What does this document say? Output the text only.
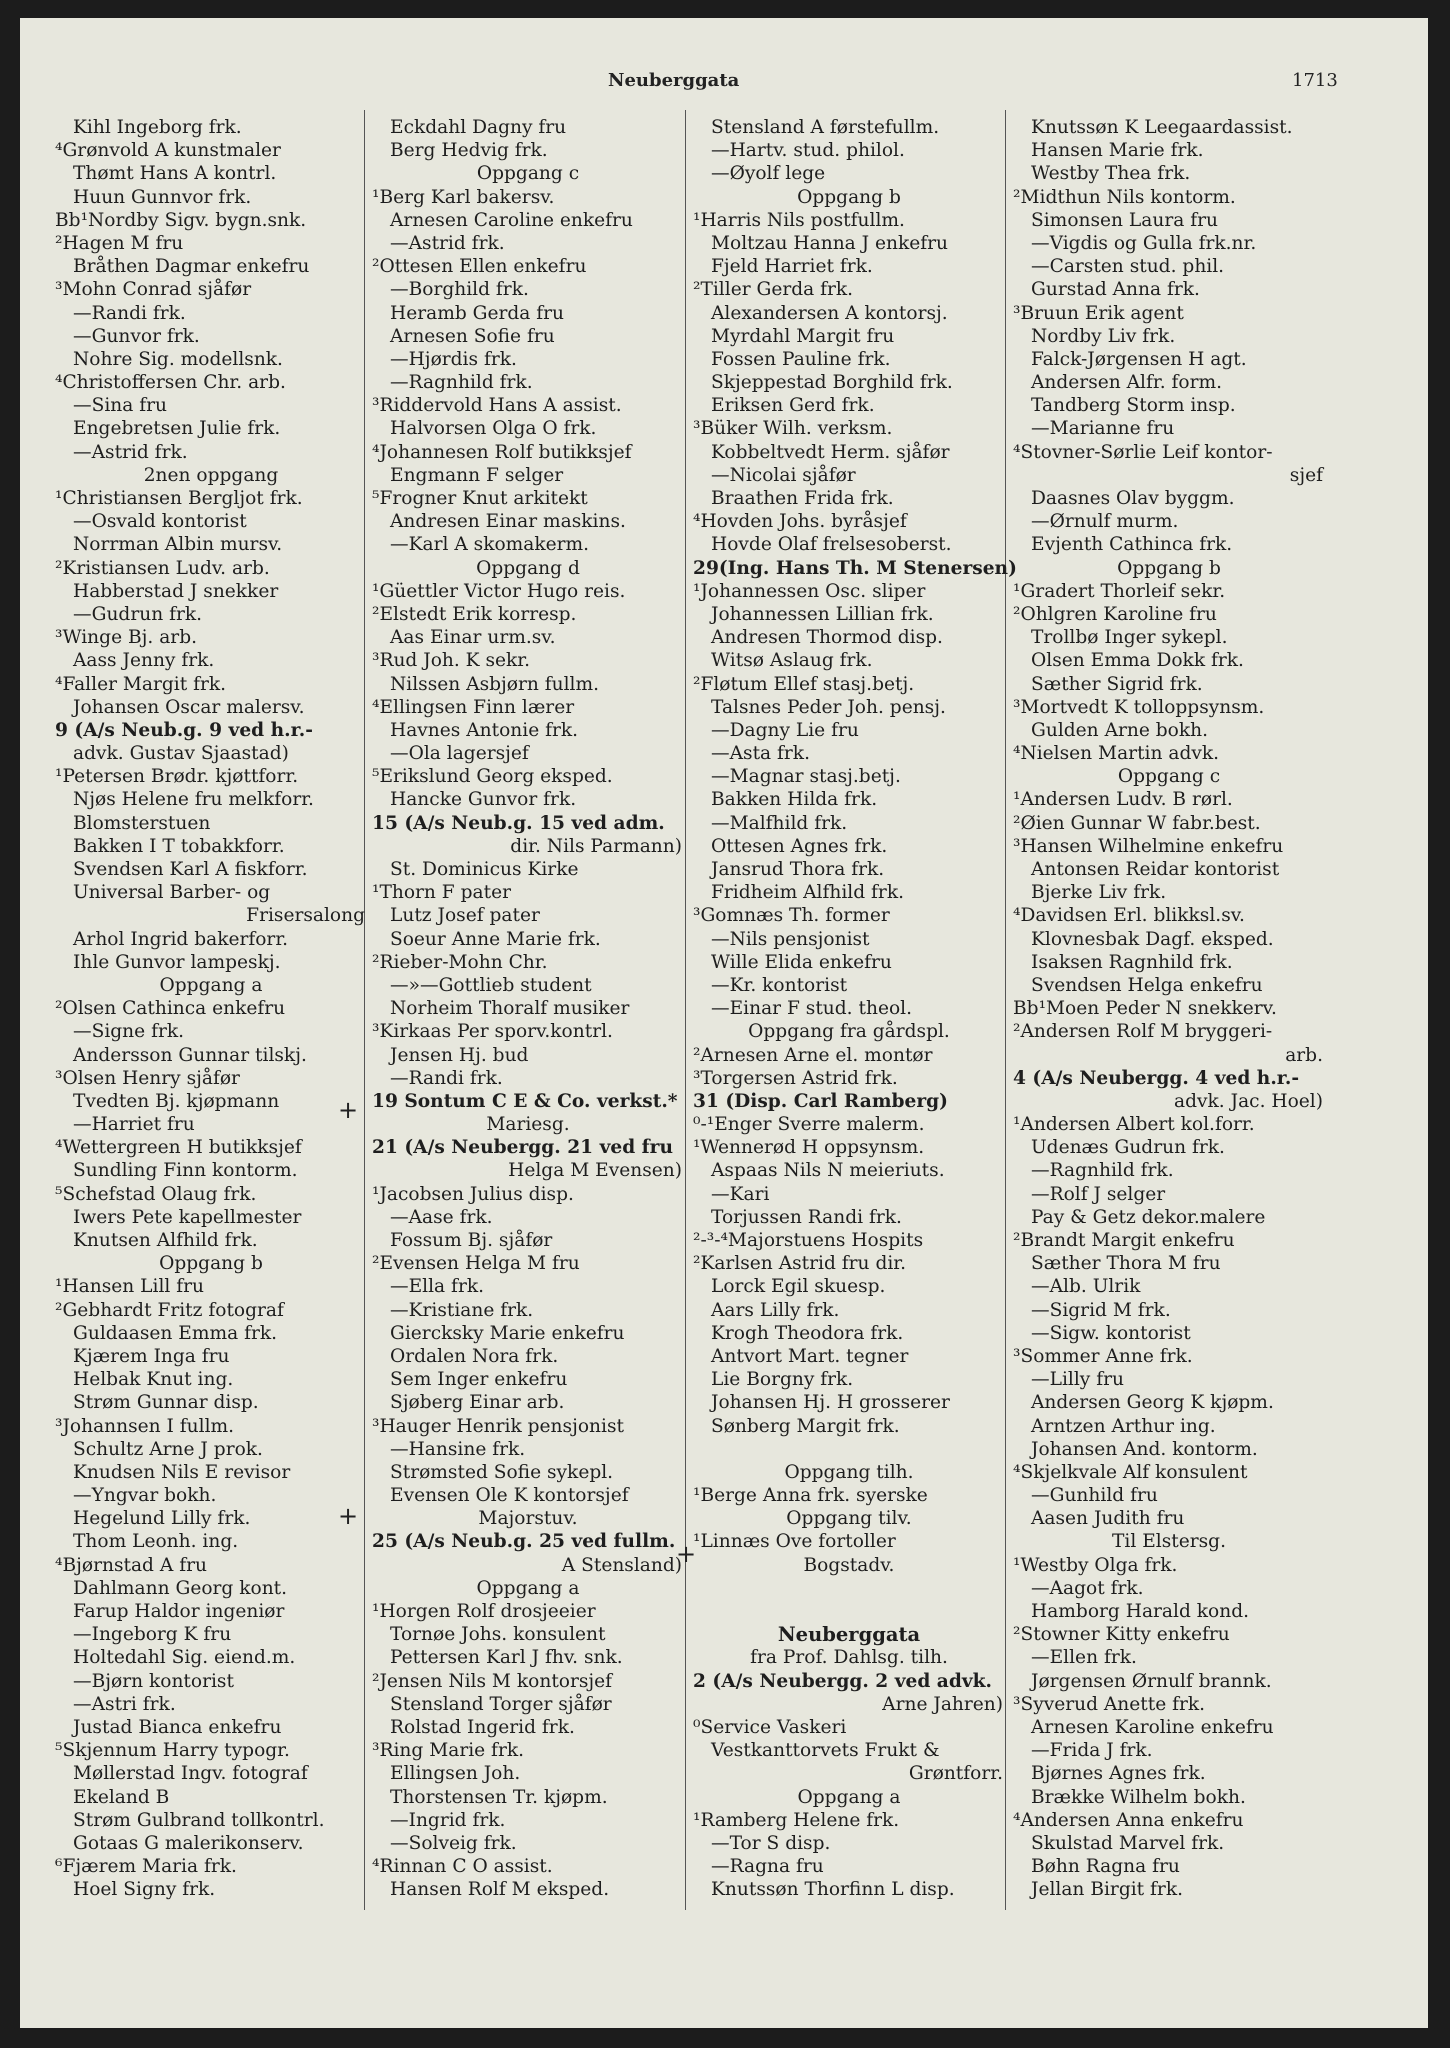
Neuberggata	1713
Kihl Ingeborg frk.
⁴Grønvold A kunstmaler
Thømt Hans A kontrl.
Huun Gunnvor frk.
Bb¹Nordby Sigv. bygn.snk.
²Hagen M fru
Bråthen Dagmar enkefru
³Mohn Conrad sjåfør
—Randi frk.
—Gunvor frk.
Nohre Sig. modellsnk.
⁴Christoffersen Chr. arb.
—Sina fru
Engebretsen Julie frk.
—Astrid frk.
2nen oppgang
¹Christiansen Bergljot frk.
—Osvald kontorist
Norrman Albin mursv.
²Kristiansen Ludv. arb.
Habberstad J snekker
—Gudrun frk.
³Winge Bj. arb.
Aass Jenny frk.
⁴Faller Margit frk.
Johansen Oscar malersv.
9 (A/s Neub.g. 9 ved h.r.-
advk. Gustav Sjaastad)
¹Petersen Brødr. kjøttforr.
Njøs Helene fru melkforr.
Blomsterstuen
Bakken I T tobakkforr.
Svendsen Karl A fiskforr.
Universal Barber- og
Frisersalong
Arhol Ingrid bakerforr.
Ihle Gunvor lampeskj.
Oppgang a
²Olsen Cathinca enkefru
—Signe frk.
Andersson Gunnar tilskj.
³Olsen Henry sjåfør
Tvedten Bj. kjøpmann
—Harriet fru
⁴Wettergreen H butikksjef
Sundling Finn kontorm.
⁵Schefstad Olaug frk.
Iwers Pete kapellmester
Knutsen Alfhild frk.
Oppgang b
¹Hansen Lill fru
²Gebhardt Fritz fotograf
Guldaasen Emma frk.
Kjærem Inga fru
Helbak Knut ing.
Strøm Gunnar disp.
³Johannsen I fullm.
Schultz Arne J prok.
Knudsen Nils E revisor
—Yngvar bokh.
Hegelund Lilly frk.
Thom Leonh. ing.
⁴Bjørnstad A fru
Dahlmann Georg kont.
Farup Haldor ingeniør
—Ingeborg K fru
Holtedahl Sig. eiend.m.
—Bjørn kontorist
—Astri frk.
Justad Bianca enkefru
⁵Skjennum Harry typogr.
Møllerstad Ingv. fotograf
Ekeland B
Strøm Gulbrand tollkontrl.
Gotaas G malerikonserv.
⁶Fjærem Maria frk.
Hoel Signy frk.
Eckdahl Dagny fru
Berg Hedvig frk.
Oppgang c
¹Berg Karl bakersv.
Arnesen Caroline enkefru
—Astrid frk.
²Ottesen Ellen enkefru
—Borghild frk.
Heramb Gerda fru
Arnesen Sofie fru
—Hjørdis frk.
—Ragnhild frk.
³Riddervold Hans A assist.
Halvorsen Olga O frk.
⁴Johannesen Rolf butikksjef
Engmann F selger
⁵Frogner Knut arkitekt
Andresen Einar maskins.
—Karl A skomakerm.
Oppgang d
¹Güettler Victor Hugo reis.
²Elstedt Erik korresp.
Aas Einar urm.sv.
³Rud Joh. K sekr.
Nilssen Asbjørn fullm.
⁴Ellingsen Finn lærer
Havnes Antonie frk.
—Ola lagersjef
⁵Erikslund Georg eksped.
Hancke Gunvor frk.
15 (A/s Neub.g. 15 ved adm.
dir. Nils Parmann)
St. Dominicus Kirke
¹Thorn F pater
Lutz Josef pater
Soeur Anne Marie frk.
²Rieber-Mohn Chr.
—»—Gottlieb student
Norheim Thoralf musiker
³Kirkaas Per sporv.kontrl.
Jensen Hj. bud
—Randi frk.
19 Sontum C E & Co. verkst.*
Mariesg.
21 (A/s Neubergg. 21 ved fru
Helga M Evensen)
¹Jacobsen Julius disp.
—Aase frk.
Fossum Bj. sjåfør
²Evensen Helga M fru
—Ella frk.
—Kristiane frk.
Giercksky Marie enkefru
Ordalen Nora frk.
Sem Inger enkefru
Sjøberg Einar arb.
³Hauger Henrik pensjonist
—Hansine frk.
Strømsted Sofie sykepl.
Evensen Ole K kontorsjef
Majorstuv.
25 (A/s Neub.g. 25 ved fullm.
A Stensland)
Oppgang a
¹Horgen Rolf drosjeeier
Tornøe Johs. konsulent
Pettersen Karl J fhv. snk.
²Jensen Nils M kontorsjef
Stensland Torger sjåfør
Rolstad Ingerid frk.
³Ring Marie frk.
Ellingsen Joh.
Thorstensen Tr. kjøpm.
—Ingrid frk.
—Solveig frk.
⁴Rinnan C O assist.
Hansen Rolf M eksped.
Stensland A førstefullm.
—Hartv. stud. philol.
—Øyolf lege
Oppgang b
¹Harris Nils postfullm.
Moltzau Hanna J enkefru
Fjeld Harriet frk.
²Tiller Gerda frk.
Alexandersen A kontorsj.
Myrdahl Margit fru
Fossen Pauline frk.
Skjeppestad Borghild frk.
Eriksen Gerd frk.
³Büker Wilh. verksm.
Kobbeltvedt Herm. sjåfør
—Nicolai sjåfør
Braathen Frida frk.
⁴Hovden Johs. byråsjef
Hovde Olaf frelsesoberst.
29(Ing. Hans Th. M Stenersen)
¹Johannessen Osc. sliper
Johannessen Lillian frk.
Andresen Thormod disp.
Witsø Aslaug frk.
²Fløtum Ellef stasj.betj.
Talsnes Peder Joh. pensj.
—Dagny Lie fru
—Asta frk.
—Magnar stasj.betj.
Bakken Hilda frk.
—Malfhild frk.
Ottesen Agnes frk.
Jansrud Thora frk.
Fridheim Alfhild frk.
³Gomnæs Th. former
—Nils pensjonist
Wille Elida enkefru
—Kr. kontorist
—Einar F stud. theol.
Oppgang fra gårdspl.
²Arnesen Arne el. montør
³Torgersen Astrid frk.
31 (Disp. Carl Ramberg)
⁰-¹Enger Sverre malerm.
¹Wennerød H oppsynsm.
Aspaas Nils N meieriuts.
—Kari
Torjussen Randi frk.
²-³-⁴Majorstuens Hospits
²Karlsen Astrid fru dir.
Lorck Egil skuesp.
Aars Lilly frk.
Krogh Theodora frk.
Antvort Mart. tegner
Lie Borgny frk.
Johansen Hj. H grosserer
Sønberg Margit frk.
Oppgang tilh.
¹Berge Anna frk. syerske
Oppgang tilv.
¹Linnæs Ove fortoller
Bogstadv.
Neuberggata
fra Prof. Dahlsg. tilh.
2 (A/s Neubergg. 2 ved advk.
Arne Jahren)
⁰Service Vaskeri
Vestkanttorvets Frukt &
Grøntforr.
Oppgang a
¹Ramberg Helene frk.
—Tor S disp.
—Ragna fru
Knutssøn Thorfinn L disp.
Knutssøn K Leegaardassist.
Hansen Marie frk.
Westby Thea frk.
²Midthun Nils kontorm.
Simonsen Laura fru
—Vigdis og Gulla frk.nr.
—Carsten stud. phil.
Gurstad Anna frk.
³Bruun Erik agent
Nordby Liv frk.
Falck-Jørgensen H agt.
Andersen Alfr. form.
Tandberg Storm insp.
—Marianne fru
⁴Stovner-Sørlie Leif kontor-
sjef
Daasnes Olav byggm.
—Ørnulf murm.
Evjenth Cathinca frk.
Oppgang b
¹Gradert Thorleif sekr.
²Ohlgren Karoline fru
Trollbø Inger sykepl.
Olsen Emma Dokk frk.
Sæther Sigrid frk.
³Mortvedt K tolloppsynsm.
Gulden Arne bokh.
⁴Nielsen Martin advk.
Oppgang c
¹Andersen Ludv. B rørl.
²Øien Gunnar W fabr.best.
³Hansen Wilhelmine enkefru
Antonsen Reidar kontorist
Bjerke Liv frk.
⁴Davidsen Erl. blikksl.sv.
Klovnesbak Dagf. eksped.
Isaksen Ragnhild frk.
Svendsen Helga enkefru
Bb¹Moen Peder N snekkerv.
²Andersen Rolf M bryggeri-
arb.
4 (A/s Neubergg. 4 ved h.r.-
advk. Jac. Hoel)
¹Andersen Albert kol.forr.
Udenæs Gudrun frk.
—Ragnhild frk.
—Rolf J selger
Pay & Getz dekor.malere
²Brandt Margit enkefru
Sæther Thora M fru
—Alb. Ulrik
—Sigrid M frk.
—Sigw. kontorist
³Sommer Anne frk.
—Lilly fru
Andersen Georg K kjøpm.
Arntzen Arthur ing.
Johansen And. kontorm.
⁴Skjelkvale Alf konsulent
—Gunhild fru
Aasen Judith fru
Til Elstersg.
¹Westby Olga frk.
—Aagot frk.
Hamborg Harald kond.
²Stowner Kitty enkefru
—Ellen frk.
Jørgensen Ørnulf brannk.
³Syverud Anette frk.
Arnesen Karoline enkefru
—Frida J frk.
Bjørnes Agnes frk.
Brække Wilhelm bokh.
⁴Andersen Anna enkefru
Skulstad Marvel frk.
Bøhn Ragna fru
Jellan Birgit frk.
+
+
+
